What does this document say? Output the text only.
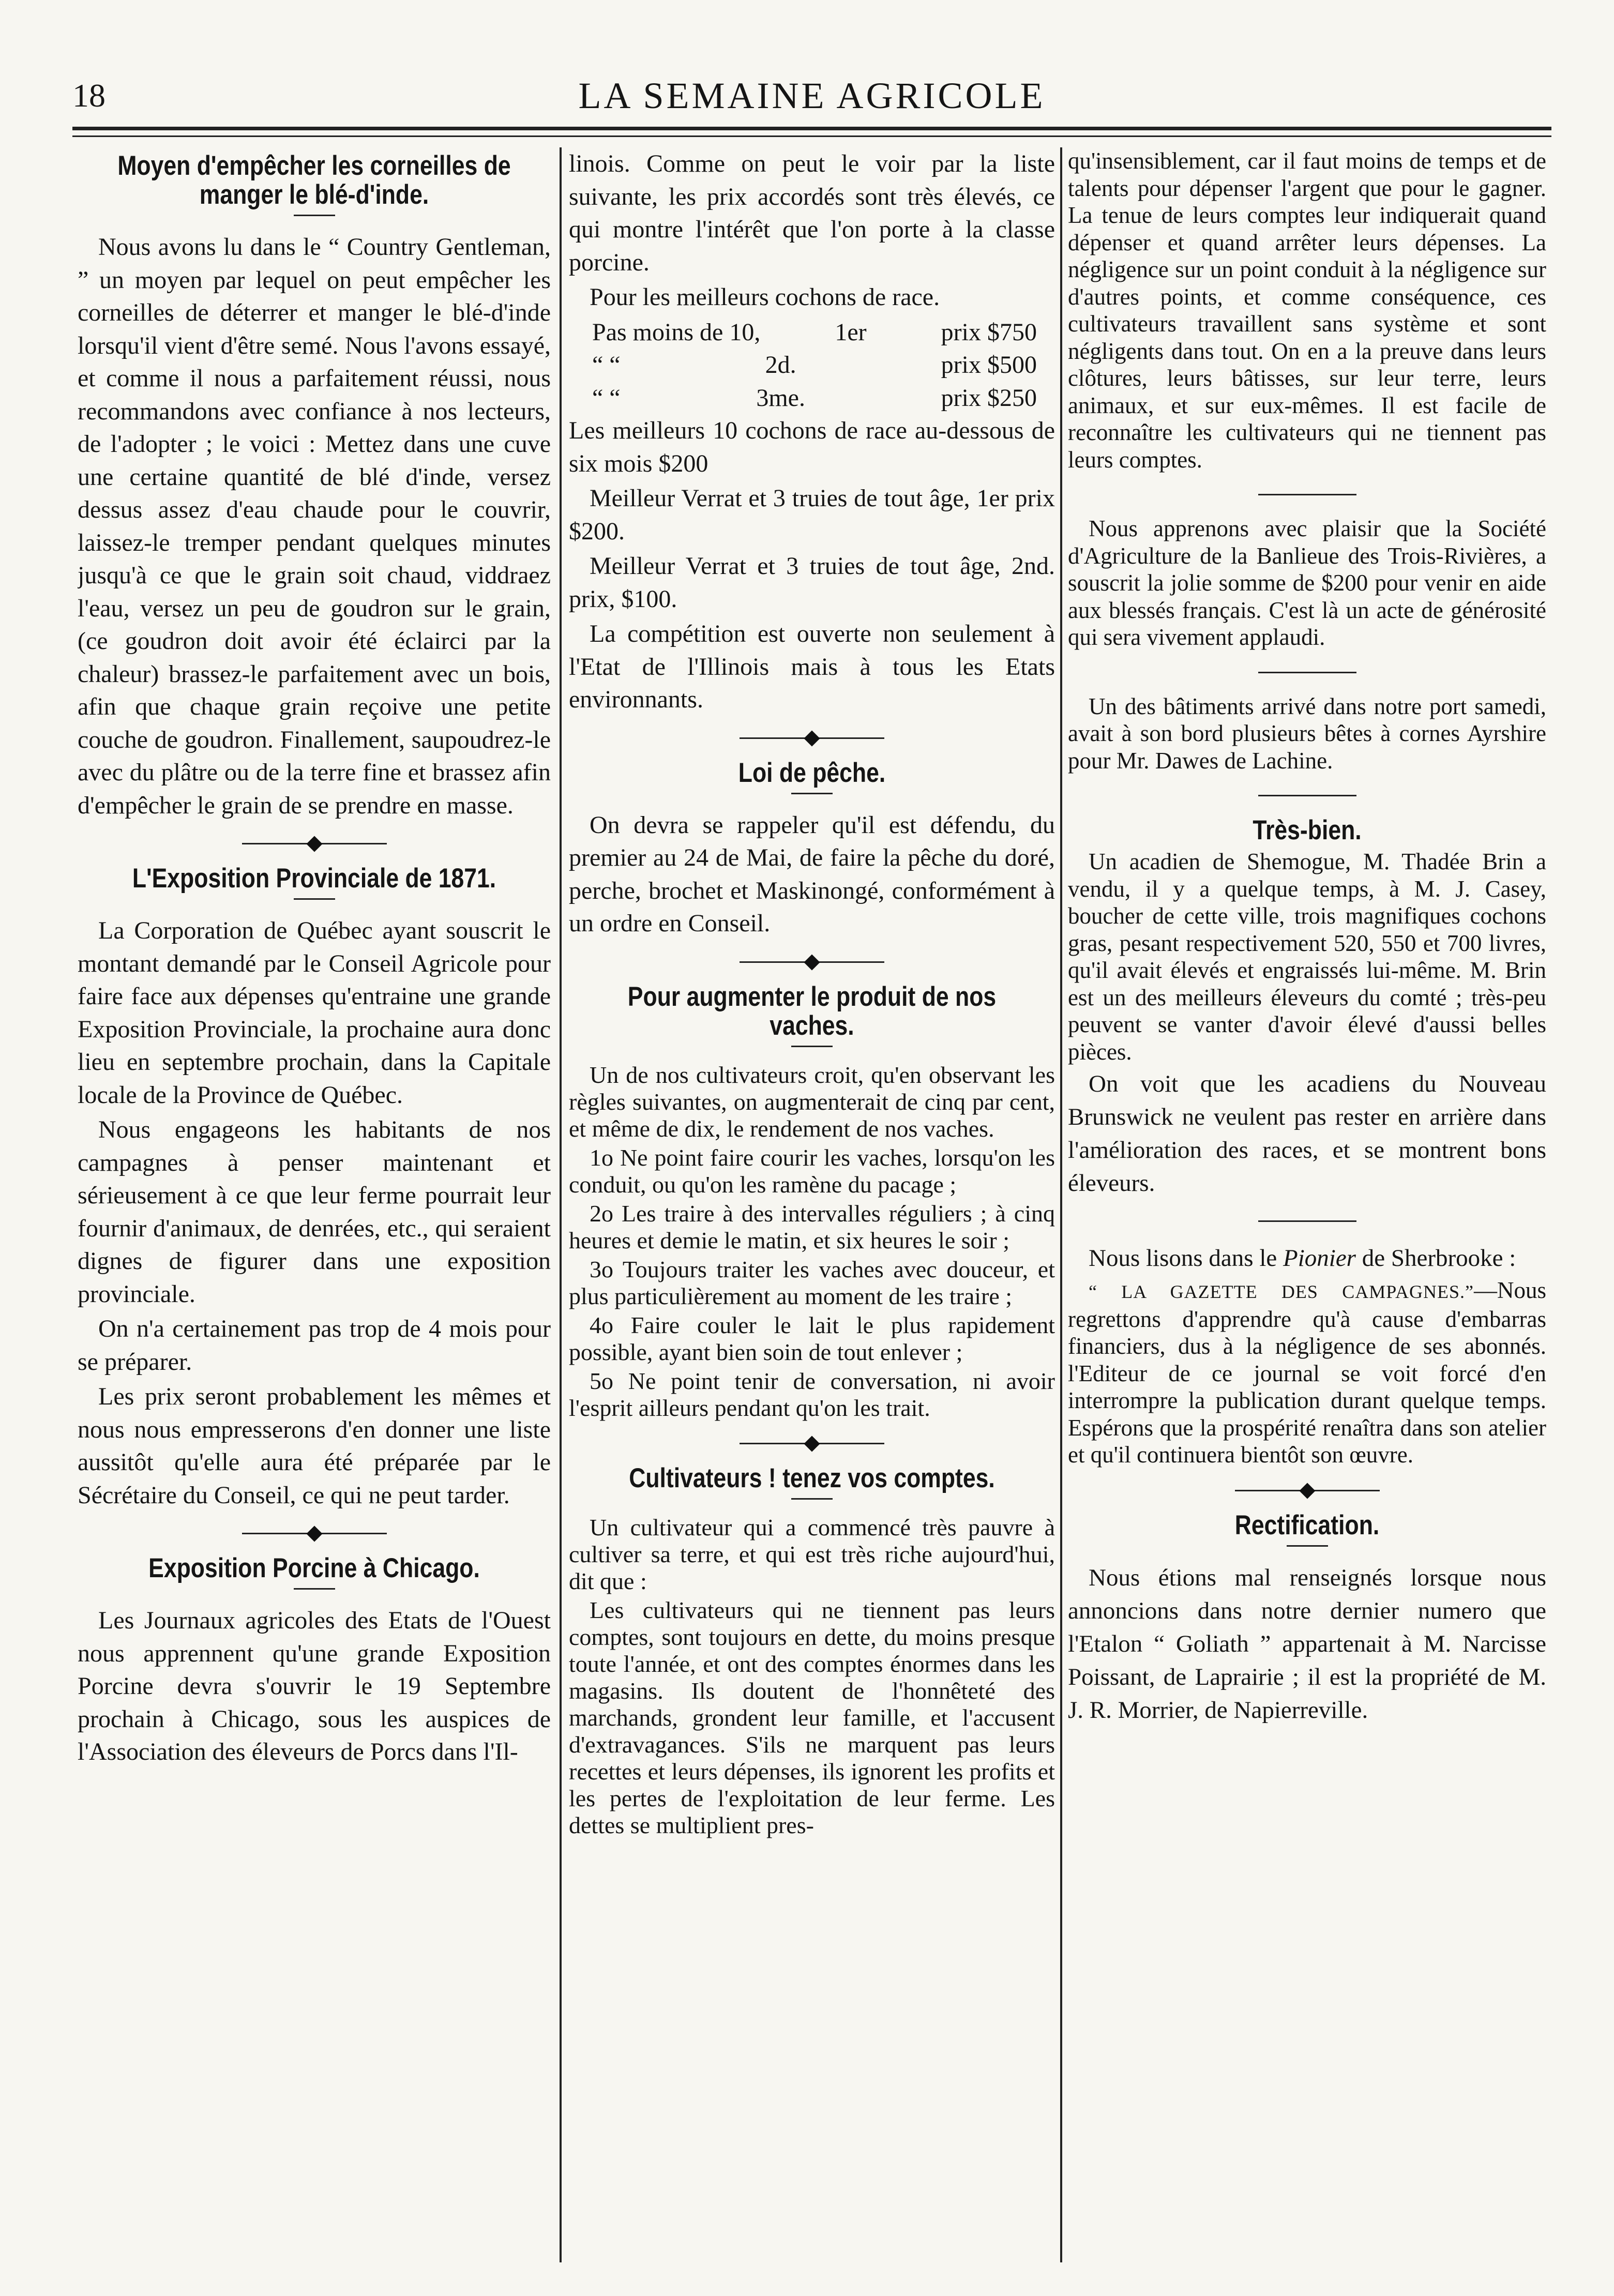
18	LA SEMAINE AGRICOLE
Moyen d'empêcher les corneilles de manger le blé-d'inde.

Nous avons lu dans le “ Country Gentleman, ” un moyen par lequel on peut empêcher les corneilles de déterrer et manger le blé-d'inde lorsqu'il vient d'être semé. Nous l'avons essayé, et comme il nous a parfaitement réussi, nous recommandons avec confiance à nos lecteurs, de l'adopter ; le voici : Mettez dans une cuve une certaine quantité de blé d'inde, versez dessus assez d'eau chaude pour le couvrir, laissez-le tremper pendant quelques minutes jusqu'à ce que le grain soit chaud, viddraez l'eau, versez un peu de goudron sur le grain, (ce goudron doit avoir été éclairci par la chaleur) brassez-le parfaitement avec un bois, afin que chaque grain reçoive une petite couche de goudron. Finallement, saupoudrez-le avec du plâtre ou de la terre fine et brassez afin d'empêcher le grain de se prendre en masse.

L'Exposition Provinciale de 1871.

La Corporation de Québec ayant souscrit le montant demandé par le Conseil Agricole pour faire face aux dépenses qu'entraine une grande Exposition Provinciale, la prochaine aura donc lieu en septembre prochain, dans la Capitale locale de la Province de Québec.

Nous engageons les habitants de nos campagnes à penser maintenant et sérieusement à ce que leur ferme pourrait leur fournir d'animaux, de denrées, etc., qui seraient dignes de figurer dans une exposition provinciale.

On n'a certainement pas trop de 4 mois pour se préparer.

Les prix seront probablement les mêmes et nous nous empresserons d'en donner une liste aussitôt qu'elle aura été préparée par le Sécrétaire du Conseil, ce qui ne peut tarder.

Exposition Porcine à Chicago.

Les Journaux agricoles des Etats de l'Ouest nous apprennent qu'une grande Exposition Porcine devra s'ouvrir le 19 Septembre prochain à Chicago, sous les auspices de l'Association des éleveurs de Porcs dans l'Il-

linois. Comme on peut le voir par la liste suivante, les prix accordés sont très élevés, ce qui montre l'intérêt que l'on porte à la classe porcine.

Pour les meilleurs cochons de race.

Pas moins de 10,	1er	prix $750
“ “	2d.	prix $500
“ “	3me.	prix $250

Les meilleurs 10 cochons de race au-dessous de six mois $200

Meilleur Verrat et 3 truies de tout âge, 1er prix $200.

Meilleur Verrat et 3 truies de tout âge, 2nd. prix, $100.

La compétition est ouverte non seulement à l'Etat de l'Illinois mais à tous les Etats environnants.

Loi de pêche.

On devra se rappeler qu'il est défendu, du premier au 24 de Mai, de faire la pêche du doré, perche, brochet et Maskinongé, conformément à un ordre en Conseil.

Pour augmenter le produit de nos vaches.

Un de nos cultivateurs croit, qu'en observant les règles suivantes, on augmenterait de cinq par cent, et même de dix, le rendement de nos vaches.

1o Ne point faire courir les vaches, lorsqu'on les conduit, ou qu'on les ramène du pacage ;

2o Les traire à des intervalles réguliers ; à cinq heures et demie le matin, et six heures le soir ;

3o Toujours traiter les vaches avec douceur, et plus particulièrement au moment de les traire ;

4o Faire couler le lait le plus rapidement possible, ayant bien soin de tout enlever ;

5o Ne point tenir de conversation, ni avoir l'esprit ailleurs pendant qu'on les trait.

Cultivateurs ! tenez vos comptes.

Un cultivateur qui a commencé très pauvre à cultiver sa terre, et qui est très riche aujourd'hui, dit que :

Les cultivateurs qui ne tiennent pas leurs comptes, sont toujours en dette, du moins presque toute l'année, et ont des comptes énormes dans les magasins. Ils doutent de l'honnêteté des marchands, grondent leur famille, et l'accusent d'extravagances. S'ils ne marquent pas leurs recettes et leurs dépenses, ils ignorent les profits et les pertes de l'exploitation de leur ferme. Les dettes se multiplient pres-

qu'insensiblement, car il faut moins de temps et de talents pour dépenser l'argent que pour le gagner. La tenue de leurs comptes leur indiquerait quand dépenser et quand arrêter leurs dépenses. La négligence sur un point conduit à la négligence sur d'autres points, et comme conséquence, ces cultivateurs travaillent sans système et sont négligents dans tout. On en a la preuve dans leurs clôtures, leurs bâtisses, sur leur terre, leurs animaux, et sur eux-mêmes. Il est facile de reconnaître les cultivateurs qui ne tiennent pas leurs comptes.

Nous apprenons avec plaisir que la Société d'Agriculture de la Banlieue des Trois-Rivières, a souscrit la jolie somme de $200 pour venir en aide aux blessés français. C'est là un acte de générosité qui sera vivement applaudi.

Un des bâtiments arrivé dans notre port samedi, avait à son bord plusieurs bêtes à cornes Ayrshire pour Mr. Dawes de Lachine.

Très-bien.

Un acadien de Shemogue, M. Thadée Brin a vendu, il y a quelque temps, à M. J. Casey, boucher de cette ville, trois magnifiques cochons gras, pesant respectivement 520, 550 et 700 livres, qu'il avait élevés et engraissés lui-même. M. Brin est un des meilleurs éleveurs du comté ; très-peu peuvent se vanter d'avoir élevé d'aussi belles pièces.

On voit que les acadiens du Nouveau Brunswick ne veulent pas rester en arrière dans l'amélioration des races, et se montrent bons éleveurs.

Nous lisons dans le Pionier de Sherbrooke :

“ LA GAZETTE DES CAMPAGNES.”—Nous regrettons d'apprendre qu'à cause d'embarras financiers, dus à la négligence de ses abonnés. l'Editeur de ce journal se voit forcé d'en interrompre la publication durant quelque temps. Espérons que la prospérité renaîtra dans son atelier et qu'il continuera bientôt son œuvre.

Rectification.

Nous étions mal renseignés lorsque nous annoncions dans notre dernier numero que l'Etalon “ Goliath ” appartenait à M. Narcisse Poissant, de Laprairie ; il est la propriété de M. J. R. Morrier, de Napierreville.
